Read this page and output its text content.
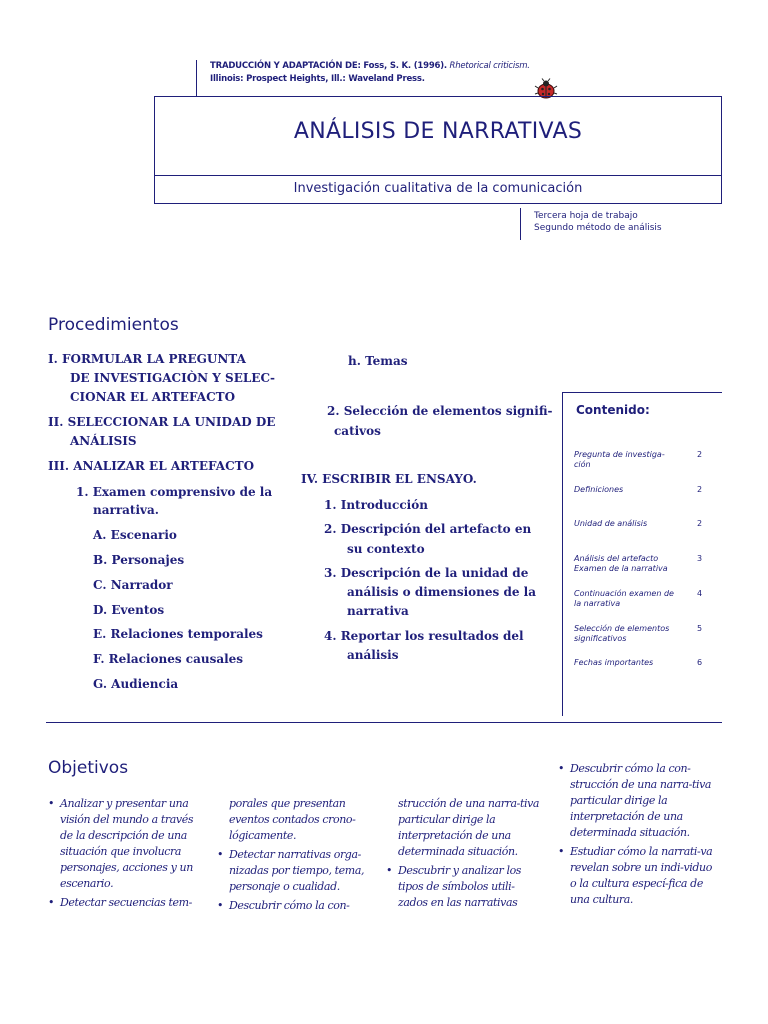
TRADUCCIÓN Y ADAPTACIÓN DE: Foss, S. K. (1996). Rhetorical criticism.
Illinois: Prospect Heights, Ill.: Waveland Press.
ANÁLISIS DE NARRATIVAS
Investigación cualitativa de la comunicación
Tercera hoja de trabajo
Segundo método de análisis
Procedimientos
I. FORMULAR LA PREGUNTA
DE INVESTIGACIÒN Y SELEC-
CIONAR EL ARTEFACTO
II. SELECCIONAR LA UNIDAD DE
ANÁLISIS
III. ANALIZAR EL ARTEFACTO
1. Examen comprensivo de la
narrativa.
A. Escenario
B. Personajes
C. Narrador
D. Eventos
E. Relaciones temporales
F. Relaciones causales
G. Audiencia
h. Temas
2. Selección de elementos signifi-
cativos
IV. ESCRIBIR EL ENSAYO.
1. Introducción
2. Descripción del artefacto en
su contexto
3. Descripción de la unidad de
análisis o dimensiones de la
narrativa
4. Reportar los resultados del
análisis
Contenido:
Pregunta de investiga-
ción
2
Definiciones	2
Unidad de análisis	2
Análisis del artefacto
Examen de la narrativa
3
Continuación examen de
la narrativa
4
Selección de elementos
significativos
5
Fechas importantes	6
Objetivos
• Analizar y presentar una visión del mundo a través de la descripción de una situación que involucra personajes, acciones y un escenario.
• Detectar secuencias tem-
porales que presentan eventos contados crono-lógicamente.
• Detectar narrativas orga-nizadas por tiempo, tema, personaje o cualidad.
• Descubrir cómo la con-
strucción de una narra-tiva particular dirige la interpretación de una determinada situación.
• Descubrir y analizar los tipos de símbolos utili-zados en las narrativas
• Descubrir cómo la con-strucción de una narra-tiva particular dirige la interpretación de una determinada situación.
• Estudiar cómo la narrati-va revelan sobre un indi-viduo o la cultura especí-fica de una cultura.
